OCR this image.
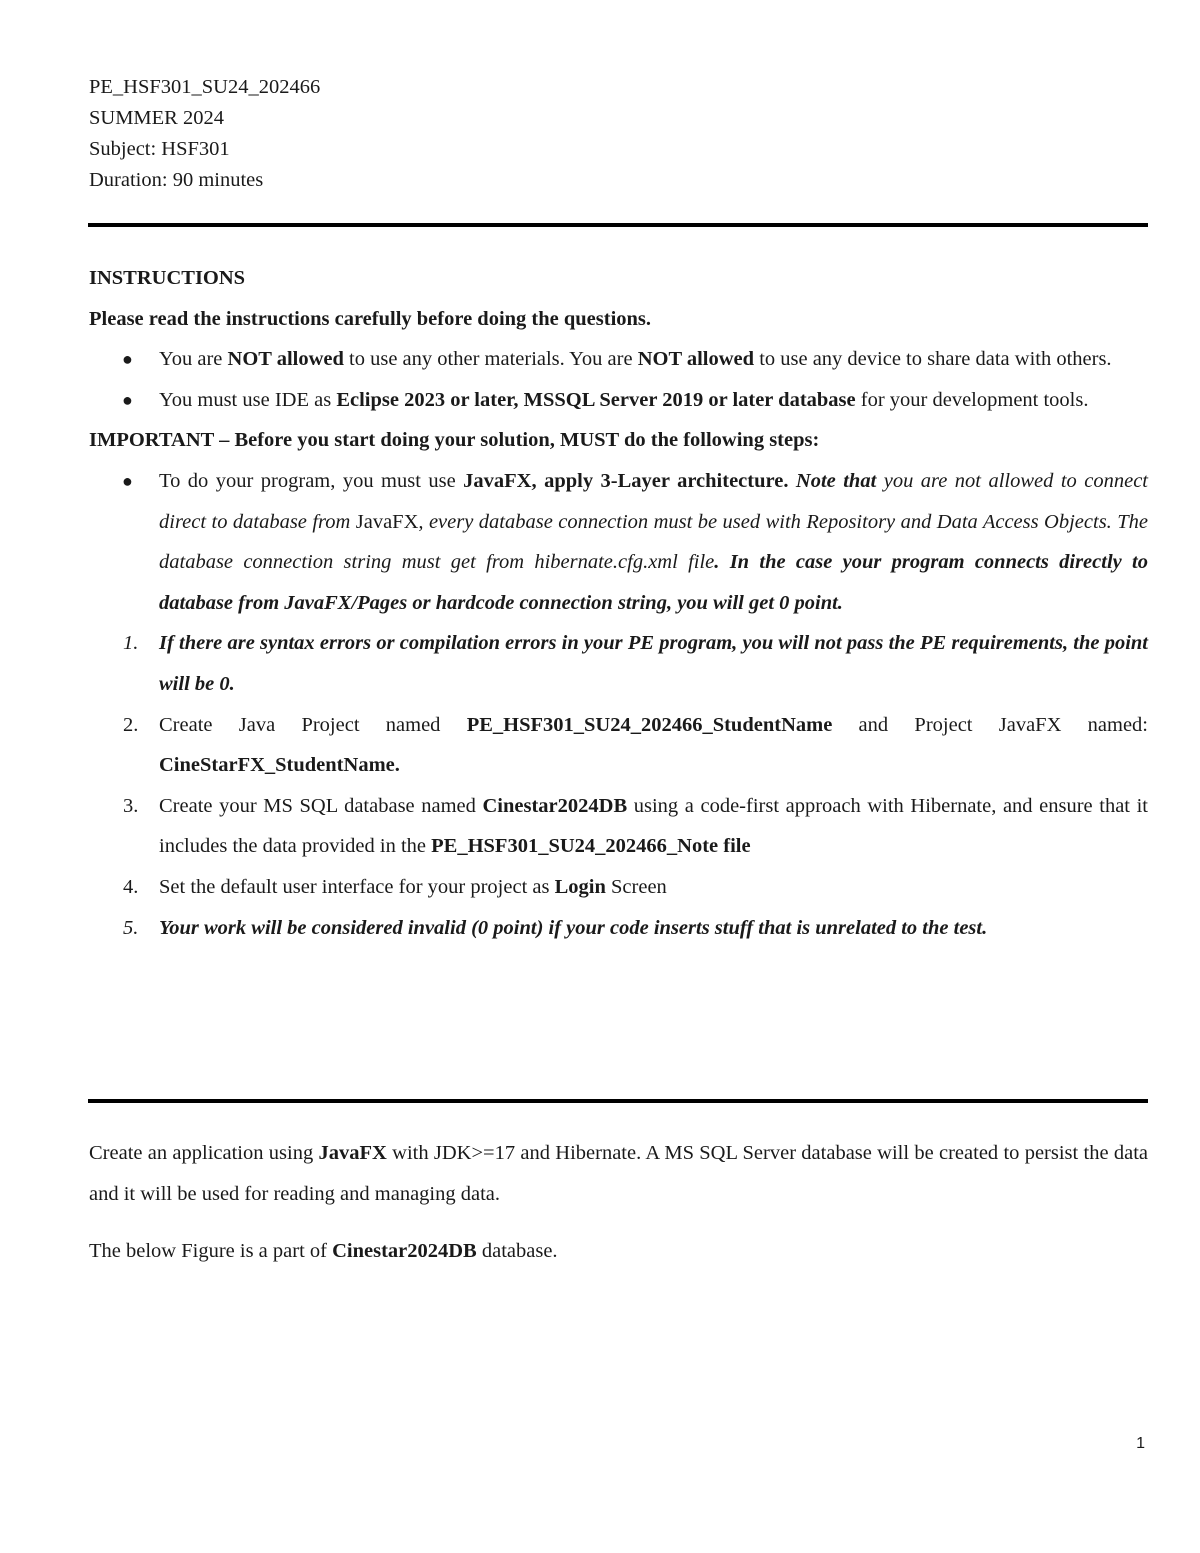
PE_HSF301_SU24_202466
SUMMER 2024
Subject: HSF301
Duration: 90 minutes
INSTRUCTIONS
Please read the instructions carefully before doing the questions.
● You are NOT allowed to use any other materials. You are NOT allowed to use any device to share data with others.
● You must use IDE as Eclipse 2023 or later, MSSQL Server 2019 or later database for your development tools.
IMPORTANT – Before you start doing your solution, MUST do the following steps:
● To do your program, you must use JavaFX, apply 3-Layer architecture. Note that you are not allowed to connect direct to database from JavaFX, every database connection must be used with Repository and Data Access Objects. The database connection string must get from hibernate.cfg.xml file. In the case your program connects directly to database from JavaFX/Pages or hardcode connection string, you will get 0 point.
1. If there are syntax errors or compilation errors in your PE program, you will not pass the PE requirements, the point will be 0.
2. Create Java Project named PE_HSF301_SU24_202466_StudentName and Project JavaFX named: CineStarFX_StudentName.
3. Create your MS SQL database named Cinestar2024DB using a code-first approach with Hibernate, and ensure that it includes the data provided in the PE_HSF301_SU24_202466_Note file
4. Set the default user interface for your project as Login Screen
5. Your work will be considered invalid (0 point) if your code inserts stuff that is unrelated to the test.

Create an application using JavaFX with JDK>=17 and Hibernate. A MS SQL Server database will be created to persist the data and it will be used for reading and managing data.

The below Figure is a part of Cinestar2024DB database.

1
